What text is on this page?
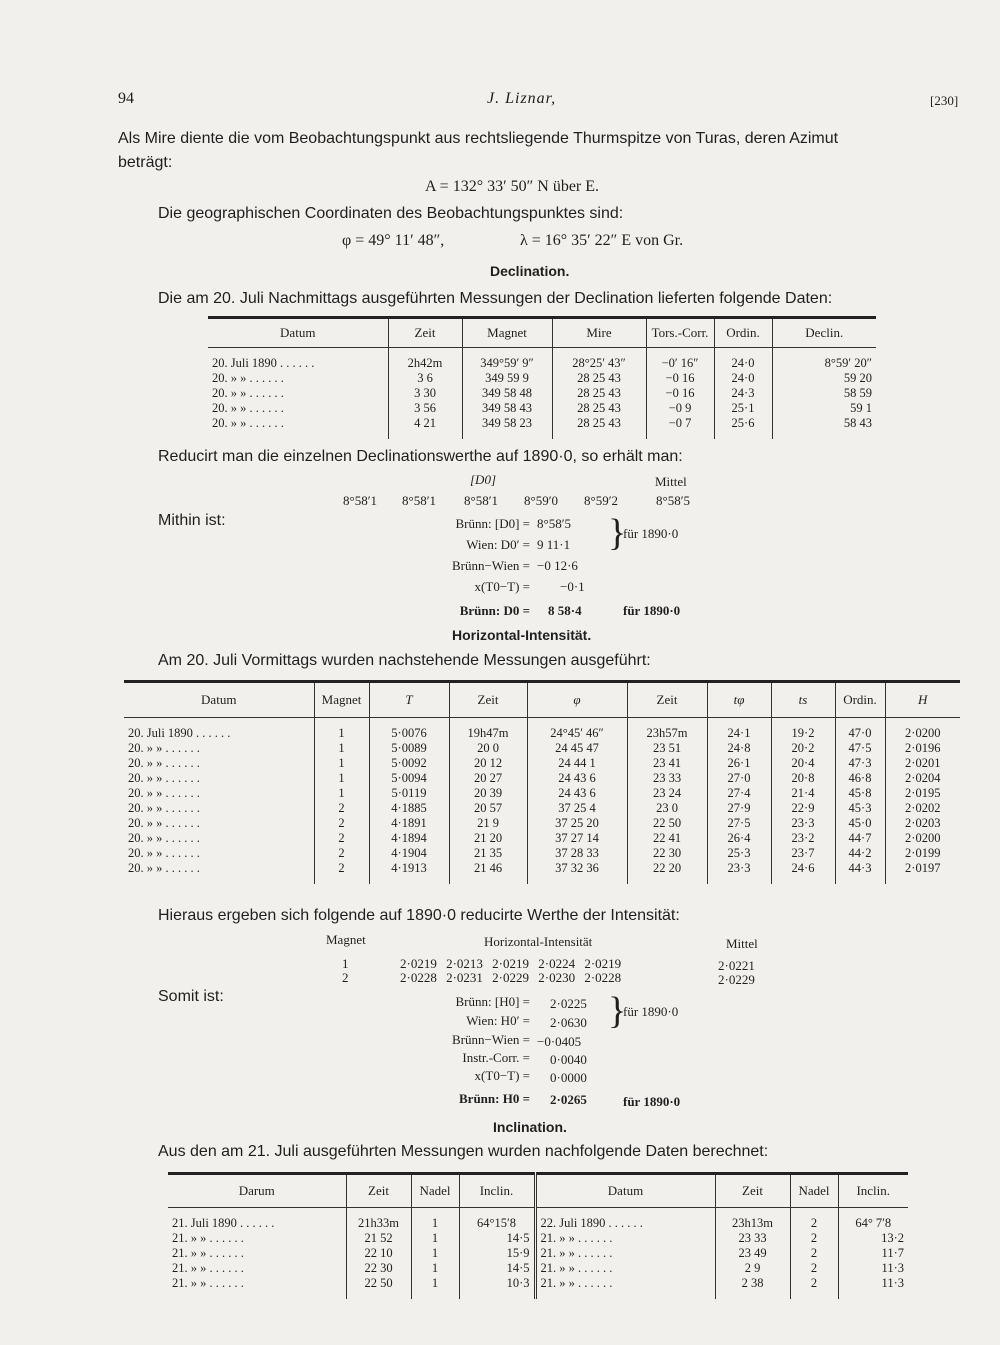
94	J. Liznar,	[230]
Als Mire diente die vom Beobachtungspunkt aus rechtsliegende Thurmspitze von Turas, deren Azimut
beträgt:
A = 132° 33′ 50″ N über E.
Die geographischen Coordinaten des Beobachtungspunktes sind:
φ = 49° 11′ 48″,	λ = 16° 35′ 22″ E von Gr.
Declination.
Die am 20. Juli Nachmittags ausgeführten Messungen der Declination lieferten folgende Daten:
Datum	Zeit	Magnet	Mire	Tors.-Corr.	Ordin.	Declin.

20. Juli 1890 . . . . . .	2h42m	349°59′ 9″	28°25′ 43″	−0′ 16″	24·0	8°59′ 20″
20. » » . . . . . .	3 6	349 59 9	28 25 43	−0 16	24·0	59 20
20. » » . . . . . .	3 30	349 58 48	28 25 43	−0 16	24·3	58 59
20. » » . . . . . .	3 56	349 58 43	28 25 43	−0 9	25·1	59 1
20. » » . . . . . .	4 21	349 58 23	28 25 43	−0 7	25·6	58 43

Reducirt man die einzelnen Declinationswerthe auf 1890·0, so erhält man:
[D0]	Mittel
8°58′1 8°58′1 8°58′1 8°59′0 8°59′2	8°58′5
Mithin ist:	Brünn: [D0] = 8°58′5
Wien: D0′ = 9 11·1 }
für 1890·0
Brünn−Wien = −0 12·6
x(T0−T) = −0·1
Brünn: D0 = 8 58·4	für 1890·0
Horizontal-Intensität.
Am 20. Juli Vormittags wurden nachstehende Messungen ausgeführt:
Datum	Magnet	T	Zeit	φ	Zeit	tφ	ts	Ordin.	H

20. Juli 1890 . . . . . .	1	5·0076	19h47m	24°45′ 46″	23h57m	24·1	19·2	47·0	2·0200
20. » » . . . . . .	1	5·0089	20 0	24 45 47	23 51	24·8	20·2	47·5	2·0196
20. » » . . . . . .	1	5·0092	20 12	24 44 1	23 41	26·1	20·4	47·3	2·0201
20. » » . . . . . .	1	5·0094	20 27	24 43 6	23 33	27·0	20·8	46·8	2·0204
20. » » . . . . . .	1	5·0119	20 39	24 43 6	23 24	27·4	21·4	45·8	2·0195
20. » » . . . . . .	2	4·1885	20 57	37 25 4	23 0	27·9	22·9	45·3	2·0202
20. » » . . . . . .	2	4·1891	21 9	37 25 20	22 50	27·5	23·3	45·0	2·0203
20. » » . . . . . .	2	4·1894	21 20	37 27 14	22 41	26·4	23·2	44·7	2·0200
20. » » . . . . . .	2	4·1904	21 35	37 28 33	22 30	25·3	23·7	44·2	2·0199
20. » » . . . . . .	2	4·1913	21 46	37 32 36	22 20	23·3	24·6	44·3	2·0197

Hieraus ergeben sich folgende auf 1890·0 reducirte Werthe der Intensität:
Magnet	Horizontal-Intensität	Mittel
1	2·0219 2·0213 2·0219 2·0224 2·0219	2·0221
2	2·0228 2·0231 2·0229 2·0230 2·0228	2·0229
Somit ist:	Brünn: [H0] = 2·0225
Wien: H0′ = 2·0630 }
für 1890·0
Brünn−Wien = −0·0405
Instr.-Corr. = 0·0040
x(T0−T) = 0·0000
Brünn: H0 = 2·0265	für 1890·0
Inclination.
Aus den am 21. Juli ausgeführten Messungen wurden nachfolgende Daten berechnet:
Darum	Zeit	Nadel	Inclin.	Datum	Zeit	Nadel	Inclin.

21. Juli 1890 . . . . . .	21h33m	1	64°15′8	22. Juli 1890 . . . . . .	23h13m	2	64° 7′8
21. » » . . . . . .	21 52	1	14·5	21. » » . . . . . .	23 33	2	13·2
21. » » . . . . . .	22 10	1	15·9	21. » » . . . . . .	23 49	2	11·7
21. » » . . . . . .	22 30	1	14·5	21. » » . . . . . .	2 9	2	11·3
21. » » . . . . . .	22 50	1	10·3	21. » » . . . . . .	2 38	2	11·3
